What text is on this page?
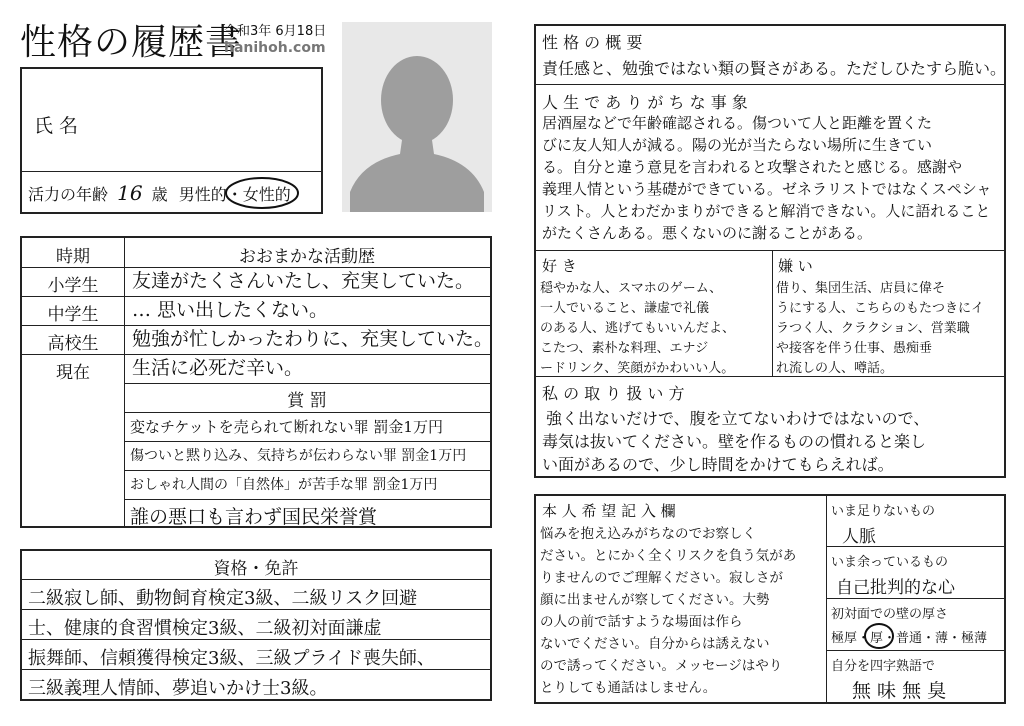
性格の履歴書
令和3年 6月18日
hanihoh.com
氏 名
活力の年齢 16 歳 男性的・女性的
時期	おおまかな活動歴
小学生	友達がたくさんいたし、充実していた。
中学生	… 思い出したくない。
高校生	勉強が忙しかったわりに、充実していた。
現在	生活に必死だ辛い。
賞 罰
変なチケットを売られて断れない罪 罰金1万円
傷ついと黙り込み、気持ちが伝わらない罪 罰金1万円
おしゃれ人間の「自然体」が苦手な罪 罰金1万円
誰の悪口も言わず国民栄誉賞
資格・免許
二級寂し師、動物飼育検定3級、二級リスク回避
士、健康的食習慣検定3級、二級初対面謙虚
振舞師、信頼獲得検定3級、三級プライド喪失師、
三級義理人情師、夢追いかけ士3級。
性 格 の 概 要
責任感と、勉強ではない類の賢さがある。ただしひたすら脆い。
人 生 で あ り が ち な 事 象
居酒屋などで年齢確認される。傷ついて人と距離を置くた
びに友人知人が減る。陽の光が当たらない場所に生きてい
る。自分と違う意見を言われると攻撃されたと感じる。感謝や
義理人情という基礎ができている。ゼネラリストではなくスペシャ
リスト。人とわだかまりができると解消できない。人に語れること
がたくさんある。悪くないのに謝ることがある。
好 き
穏やかな人、スマホのゲーム、
一人でいること、謙虚で礼儀
のある人、逃げてもいいんだよ、
こたつ、素朴な料理、エナジ
ードリンク、笑顔がかわいい人。
嫌 い
借り、集団生活、店員に偉そ
うにする人、こちらのもたつきにイ
ラつく人、クラクション、営業職
や接客を伴う仕事、愚痴垂
れ流しの人、噂話。
私 の 取 り 扱 い 方
強く出ないだけで、腹を立てないわけではないので、
毒気は抜いてください。壁を作るものの慣れると楽し
い面があるので、少し時間をかけてもらえれば。
本 人 希 望 記 入 欄
悩みを抱え込みがちなのでお察しく
ださい。とにかく全くリスクを負う気があ
りませんのでご理解ください。寂しさが
顔に出ませんが察してください。大勢
の人の前で話すような場面は作ら
ないでください。自分からは誘えない
ので誘ってください。メッセージはやり
とりしても通話はしません。
いま足りないもの
人脈
いま余っているもの
自己批判的な心
初対面での壁の厚さ
極厚・厚・普通・薄・極薄
自分を四字熟語で
無 味 無 臭
